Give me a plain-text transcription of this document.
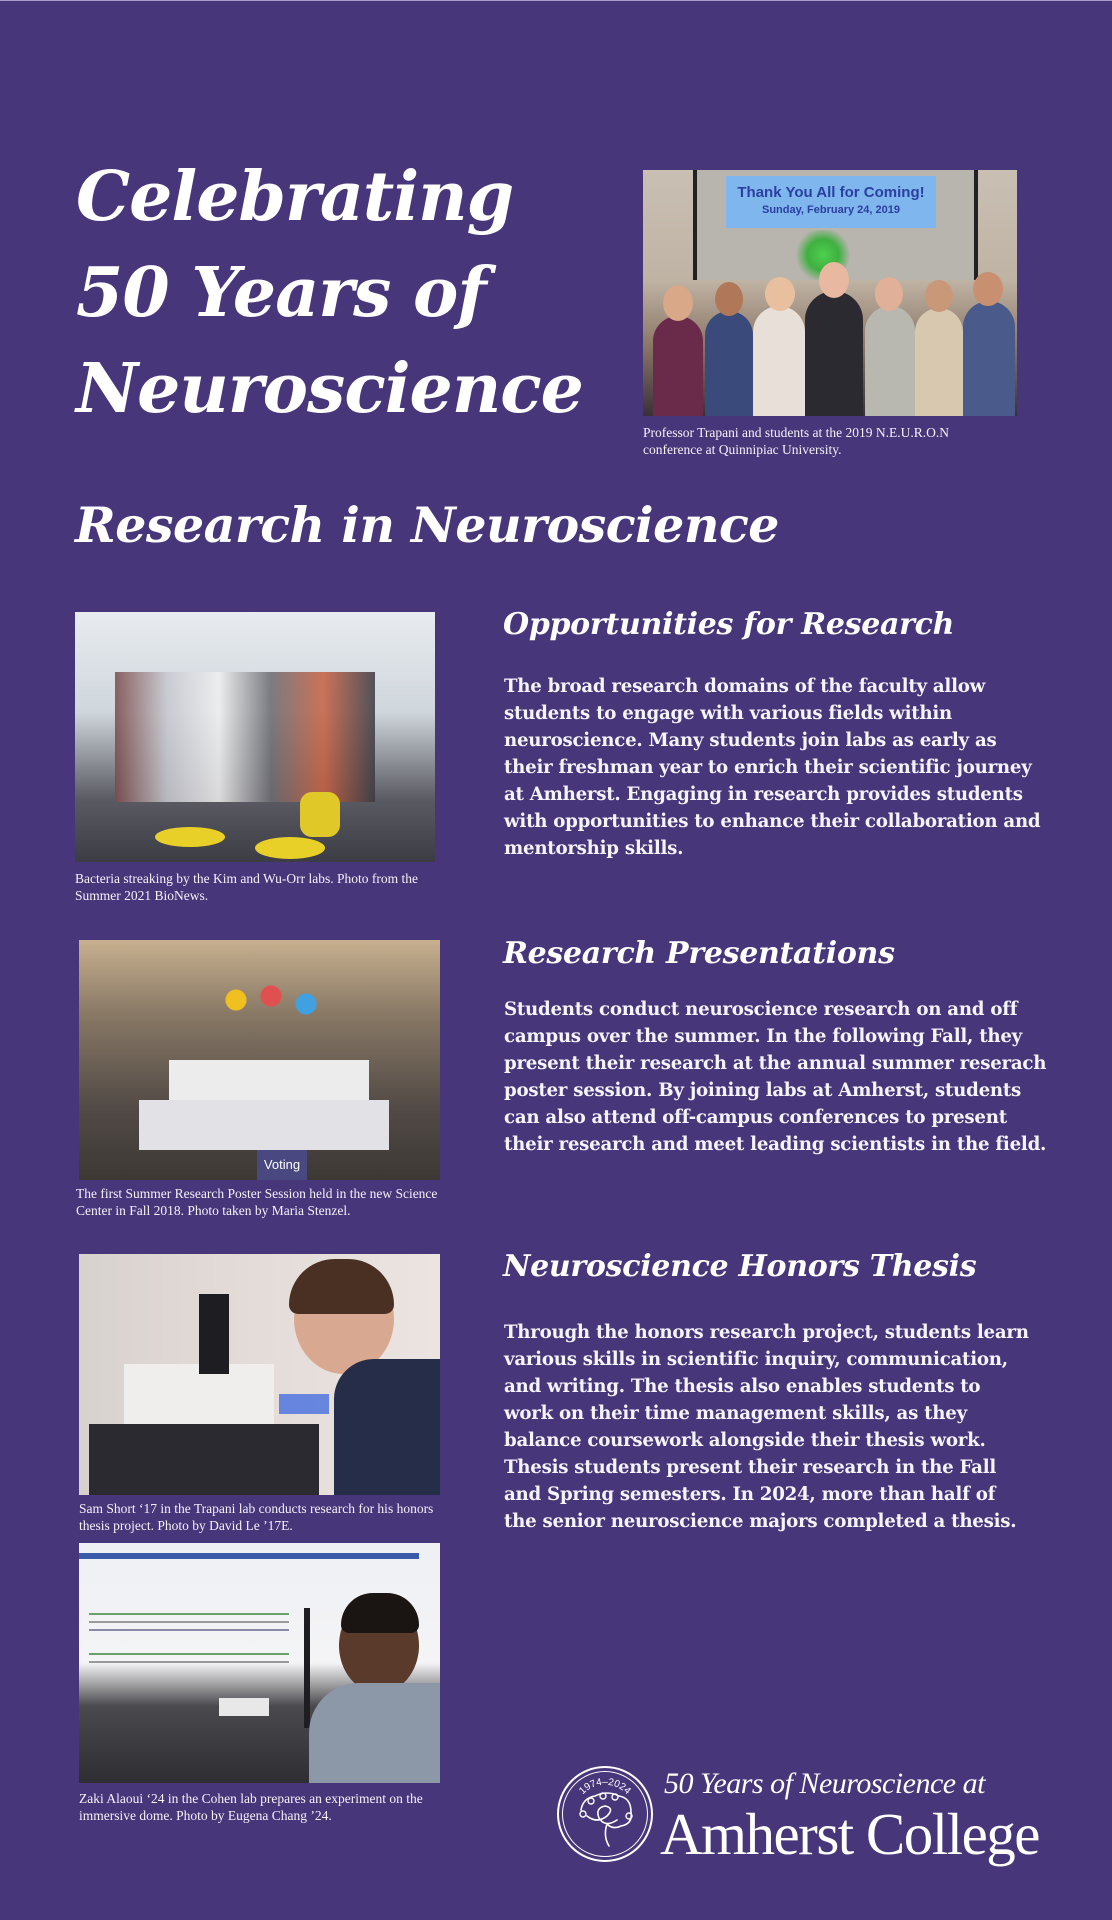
Celebrating
50 Years of
Neuroscience
Thank You All for Coming!
Sunday, February 24, 2019
Professor Trapani and students at the 2019 N.E.U.R.O.N conference at Quinnipiac University.
Research in Neuroscience
Bacteria streaking by the Kim and Wu-Orr labs. Photo from the Summer 2021 BioNews.
Opportunities for Research
The broad research domains of the faculty allow
students to engage with various fields within
neuroscience. Many students join labs as early as
their freshman year to enrich their scientific journey
at Amherst. Engaging in research provides students
with opportunities to enhance their collaboration and
mentorship skills.
Voting
The first Summer Research Poster Session held in the new Science Center in Fall 2018. Photo taken by Maria Stenzel.
Research Presentations
Students conduct neuroscience research on and off
campus over the summer. In the following Fall, they
present their research at the annual summer reserach
poster session. By joining labs at Amherst, students
can also attend off-campus conferences to present
their research and meet leading scientists in the field.
Sam Short ‘17 in the Trapani lab conducts research for his honors thesis project. Photo by David Le ’17E.
Neuroscience Honors Thesis
Through the honors research project, students learn
various skills in scientific inquiry, communication,
and writing. The thesis also enables students to
work on their time management skills, as they
balance coursework alongside their thesis work.
Thesis students present their research in the Fall
and Spring semesters. In 2024, more than half of
the senior neuroscience majors completed a thesis.
Zaki Alaoui ‘24 in the Cohen lab prepares an experiment on the immersive dome. Photo by Eugena Chang ’24.
1974–2024 50 Years of Neuroscience at
Amherst College
